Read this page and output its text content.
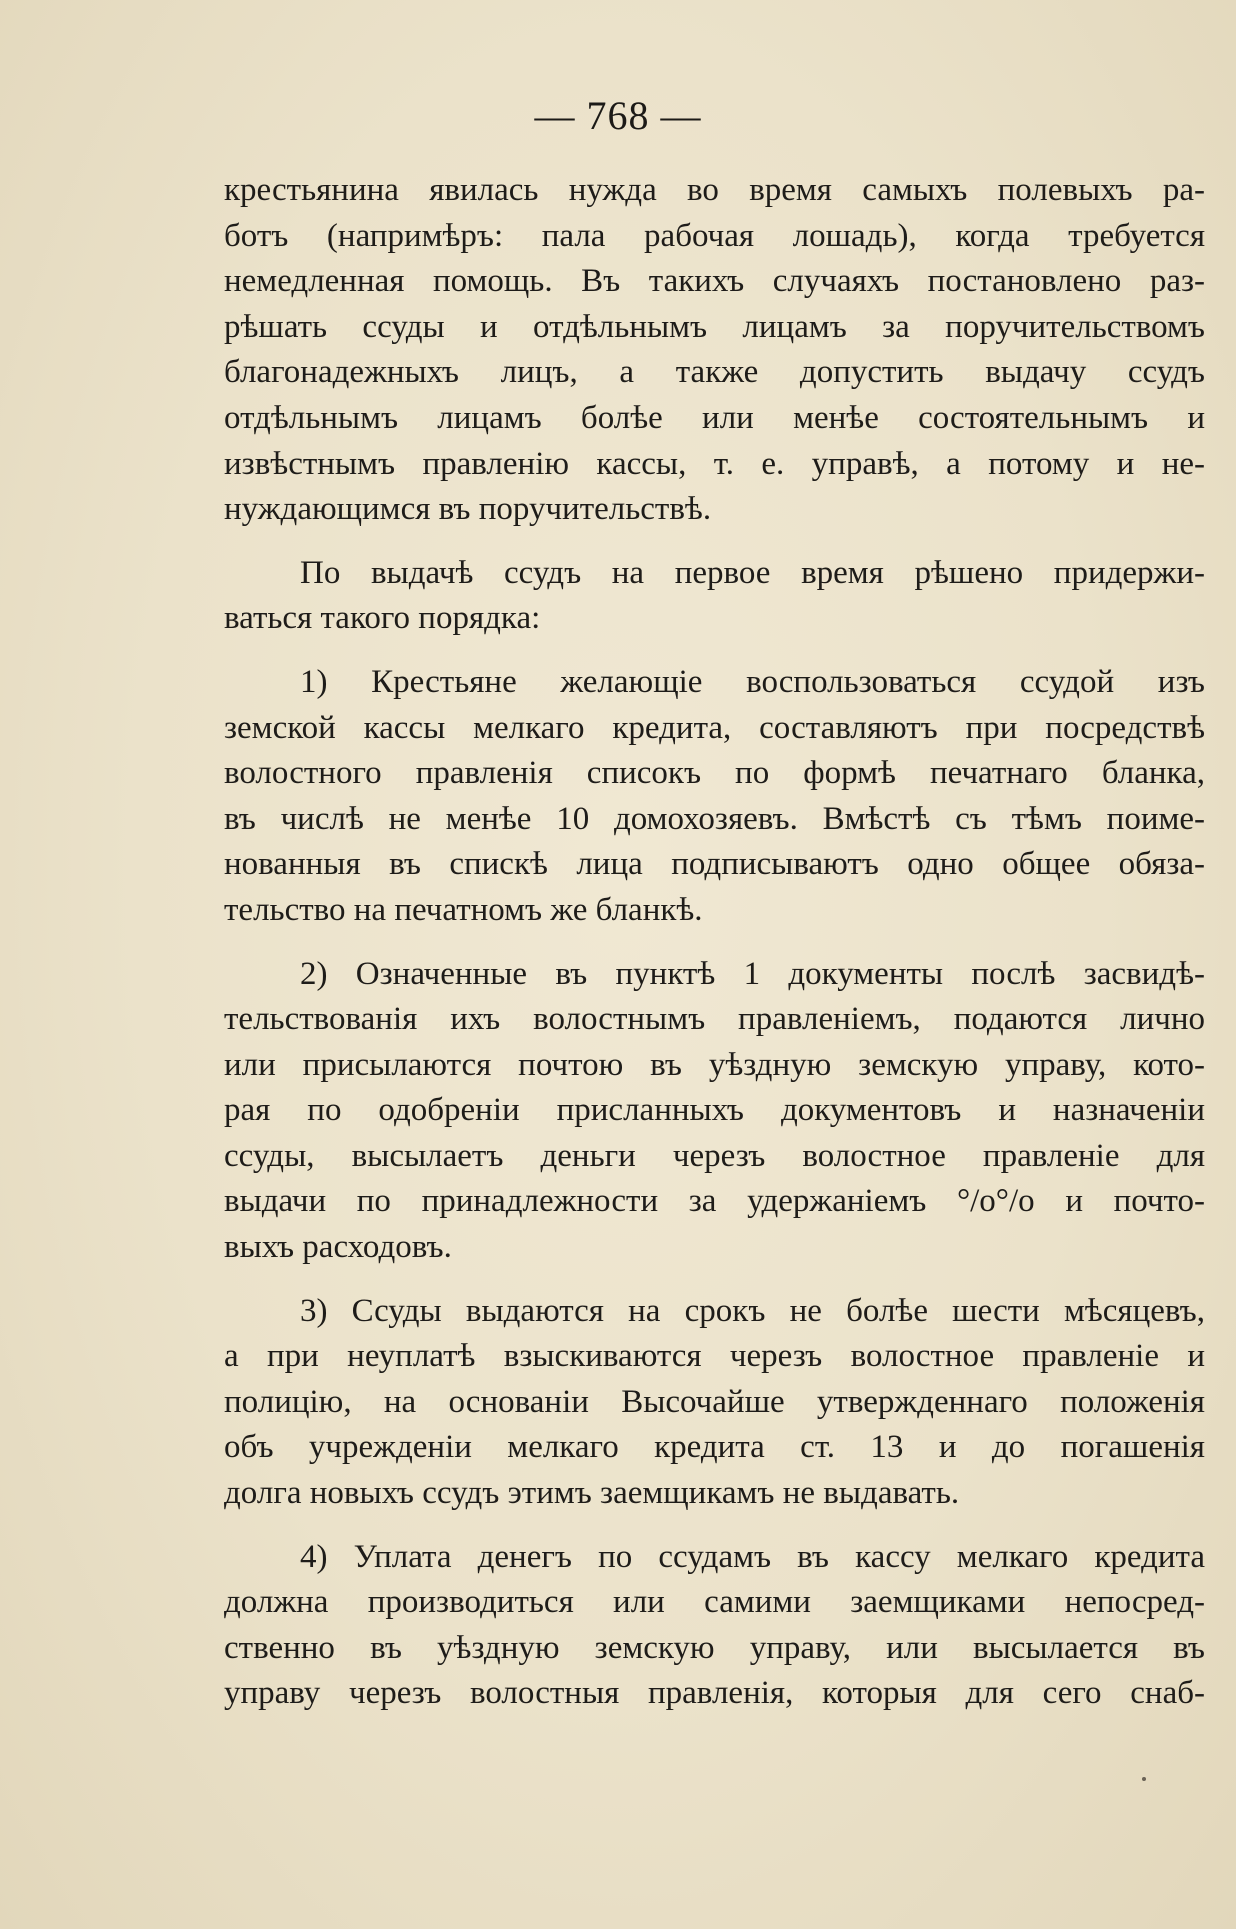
— 768 —
крестьянина явилась нужда во время самыхъ полевыхъ ра-
ботъ (напримѣръ: пала рабочая лошадь), когда требуется
немедленная помощь. Въ такихъ случаяхъ постановлено раз-
рѣшать ссуды и отдѣльнымъ лицамъ за поручительствомъ
благонадежныхъ лицъ, а также допустить выдачу ссудъ
отдѣльнымъ лицамъ болѣе или менѣе состоятельнымъ и
извѣстнымъ правленію кассы, т. е. управѣ, а потому и не-
нуждающимся въ поручительствѣ.
По выдачѣ ссудъ на первое время рѣшено придержи-
ваться такого порядка:
1) Крестьяне желающіе воспользоваться ссудой изъ
земской кассы мелкаго кредита, составляютъ при посредствѣ
волостного правленія списокъ по формѣ печатнаго бланка,
въ числѣ не менѣе 10 домохозяевъ. Вмѣстѣ съ тѣмъ поиме-
нованныя въ спискѣ лица подписываютъ одно общее обяза-
тельство на печатномъ же бланкѣ.
2) Означенные въ пунктѣ 1 документы послѣ засвидѣ-
тельствованія ихъ волостнымъ правленіемъ, подаются лично
или присылаются почтою въ уѣздную земскую управу, кото-
рая по одобреніи присланныхъ документовъ и назначеніи
ссуды, высылаетъ деньги черезъ волостное правленіе для
выдачи по принадлежности за удержаніемъ °/о°/о и почто-
выхъ расходовъ.
3) Ссуды выдаются на срокъ не болѣе шести мѣсяцевъ,
а при неуплатѣ взыскиваются черезъ волостное правленіе и
полицію, на основаніи Высочайше утвержденнаго положенія
объ учрежденіи мелкаго кредита ст. 13 и до погашенія
долга новыхъ ссудъ этимъ заемщикамъ не выдавать.
4) Уплата денегъ по ссудамъ въ кассу мелкаго кредита
должна производиться или самими заемщиками непосред-
ственно въ уѣздную земскую управу, или высылается въ
управу черезъ волостныя правленія, которыя для сего снаб-
